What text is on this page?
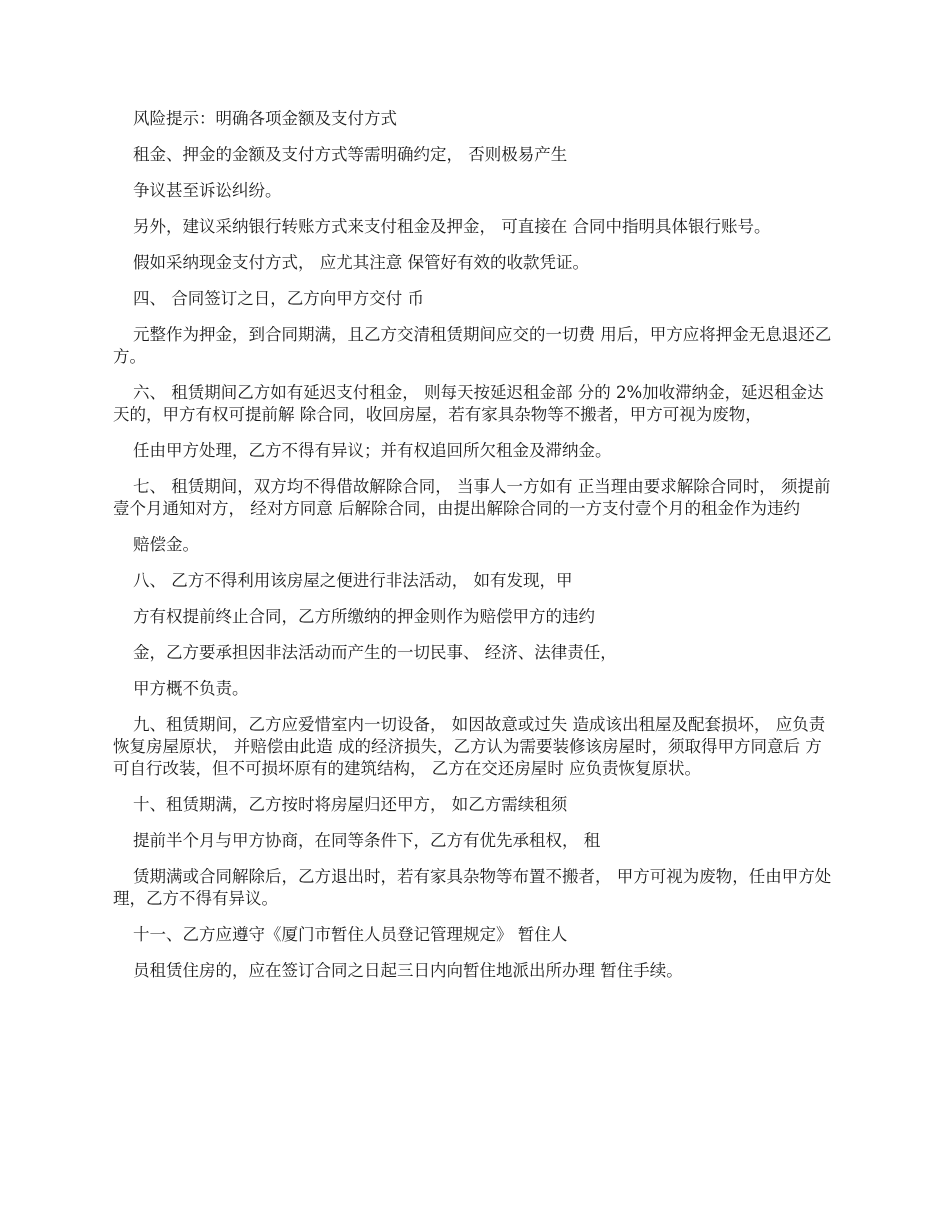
风险提示：明确各项金额及支付方式

租金、押金的金额及支付方式等需明确约定， 否则极易产生

争议甚至诉讼纠纷。

另外，建议采纳银行转账方式来支付租金及押金， 可直接在 合同中指明具体银行账号。

假如采纳现金支付方式， 应尤其注意 保管好有效的收款凭证。

四、 合同签订之日，乙方向甲方交付 币

元整作为押金，到合同期满，且乙方交清租赁期间应交的一切费 用后，甲方应将押金无息退还乙方。

六、 租赁期间乙方如有延迟支付租金， 则每天按延迟租金部 分的 2%加收滞纳金，延迟租金达 天的，甲方有权可提前解 除合同，收回房屋，若有家具杂物等不搬者，甲方可视为废物，

任由甲方处理，乙方不得有异议；并有权追回所欠租金及滞纳金。

七、 租赁期间，双方均不得借故解除合同， 当事人一方如有 正当理由要求解除合同时， 须提前壹个月通知对方， 经对方同意 后解除合同，由提出解除合同的一方支付壹个月的租金作为违约

赔偿金。

八、 乙方不得利用该房屋之便进行非法活动， 如有发现，甲

方有权提前终止合同，乙方所缴纳的押金则作为赔偿甲方的违约

金，乙方要承担因非法活动而产生的一切民事、 经济、法律责任，

甲方概不负责。

九、租赁期间，乙方应爱惜室内一切设备， 如因故意或过失 造成该出租屋及配套损坏， 应负责恢复房屋原状， 并赔偿由此造 成的经济损失，乙方认为需要装修该房屋时，须取得甲方同意后 方可自行改装，但不可损坏原有的建筑结构， 乙方在交还房屋时 应负责恢复原状。

十、租赁期满，乙方按时将房屋归还甲方， 如乙方需续租须

提前半个月与甲方协商，在同等条件下，乙方有优先承租权， 租

赁期满或合同解除后，乙方退出时，若有家具杂物等布置不搬者， 甲方可视为废物，任由甲方处理，乙方不得有异议。

十一、乙方应遵守《厦门市暂住人员登记管理规定》 暂住人

员租赁住房的，应在签订合同之日起三日内向暂住地派出所办理 暂住手续。
